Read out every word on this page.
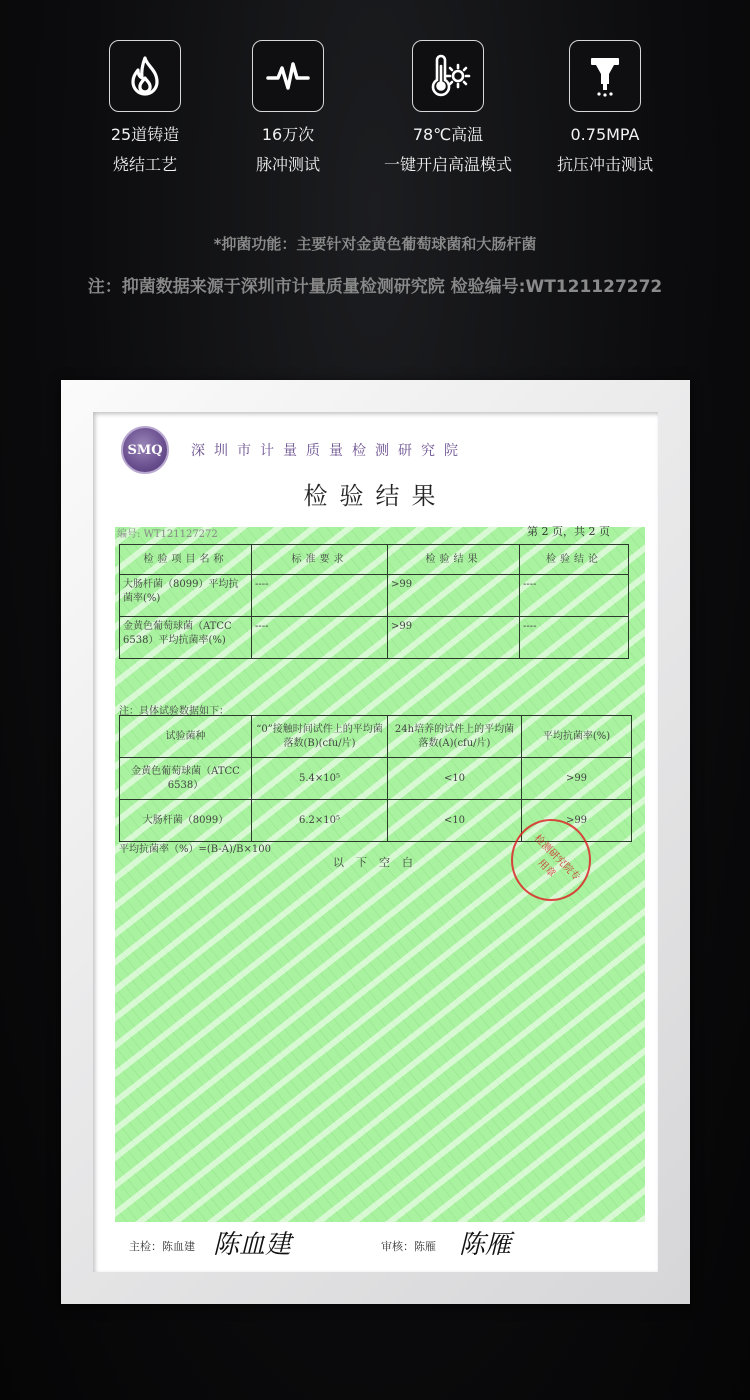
25道铸造
烧结工艺
16万次
脉冲测试
78℃高温
一键开启高温模式
0.75MPA
抗压冲击测试
*抑菌功能：主要针对金黄色葡萄球菌和大肠杆菌
注：抑菌数据来源于深圳市计量质量检测研究院 检验编号:WT121127272
SMQ 深圳市计量质量检测研究院
检验结果
编号: WT121127272	第 2 页，共 2 页
检验项目名称	标准要求	检验结果	检验结论
大肠杆菌（8099）平均抗菌率(%)	----	>99	----
金黄色葡萄球菌（ATCC 6538）平均抗菌率(%)	----	>99	----
注：具体试验数据如下：
试验菌种	“0”接触时间试件上的平均菌落数(B)(cfu/片)	24h培养的试件上的平均菌落数(A)(cfu/片)	平均抗菌率(%)
金黄色葡萄球菌（ATCC 6538）	5.4×10⁵	<10	>99
大肠杆菌（8099）	6.2×10⁵	<10	>99
平均抗菌率（%）=(B-A)/B×100
以下空白	检测研究院专用章
主检：陈血建	审核：陈雁
陈血建	陈雁
